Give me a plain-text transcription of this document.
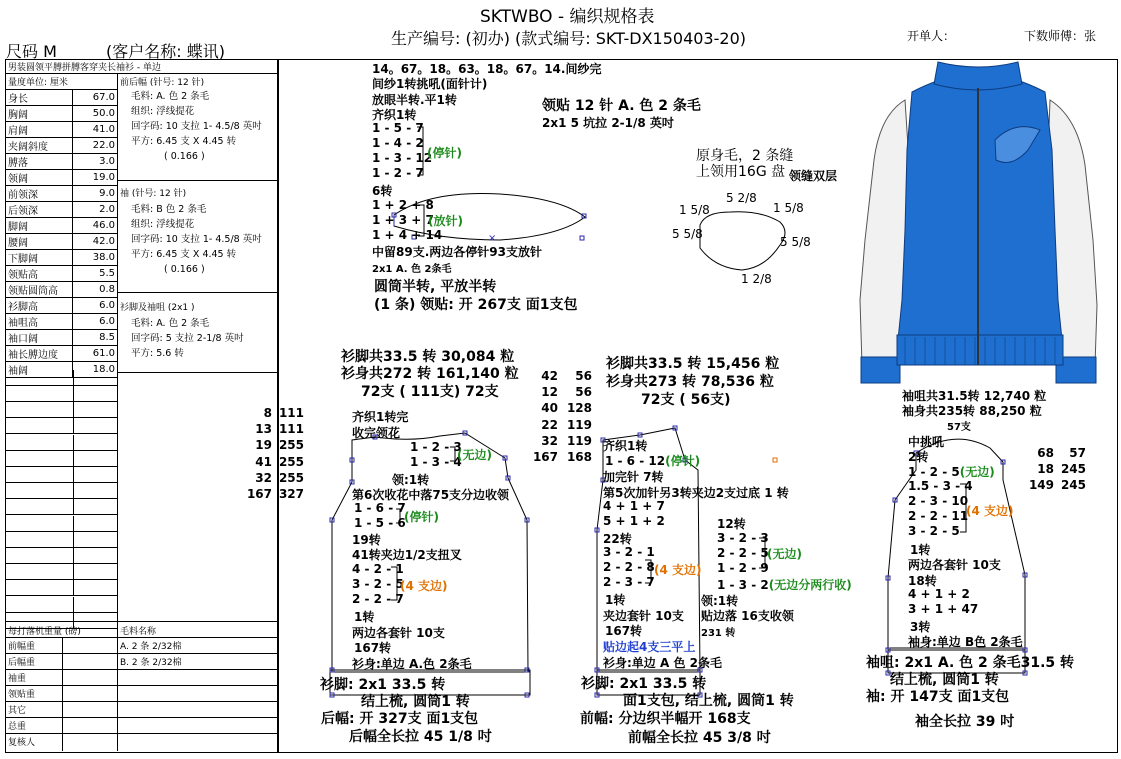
SKTWBO - 编织规格表
生产编号: (初办) (款式编号: SKT-DX150403-20)	开单人：	下数师傅：张
尺码 M	(客户名称: 蝶讯)
男装圆领平膊拼膊客穿夹长袖衫 - 单边
量度单位: 厘米
身长	67.0
胸阔	50.0
肩阔	41.0
夹阔斜度	22.0
膊落	3.0
领阔	19.0
前领深	9.0
后领深	2.0
脚阔	46.0
腰阔	42.0
下脚阔	38.0
领贴高	5.5
领贴圆筒高	0.8
衫脚高	6.0
袖咀高	6.0
袖口阔	8.5
袖长膊边度	61.0
袖阔	18.0
前后幅 (针号: 12 针)
毛料: A. 色 2 条毛
组织: 浮线提花
回字码: 10 支拉 1- 4.5/8 英吋
平方: 6.45 支 X 4.45 转
( 0.166 )
袖 (针号: 12 针)
毛料: B 色 2 条毛
组织: 浮线提花
回字码: 10 支拉 1- 4.5/8 英吋
平方: 6.45 支 X 4.45 转
( 0.166 )
衫脚及袖咀 (2x1 )
毛料: A. 色 2 条毛
回字码: 5 支拉 2-1/8 英吋
平方: 5.6 转
8 111
13 111
19 255
41 255
32 255
167 327
每打落机重量 (磅)	毛料名称
前幅重	A. 2 条 2/32棉
后幅重	B. 2 条 2/32棉
袖重
领贴重
其它
总重
复核人
×
14。67。18。63。18。67。14.间纱完
间纱1转挑吼(面针计)
放眼半转.平1转
齐织1转
1 - 5 - 7
1 - 4 - 2
1 - 3 - 12
1 - 2 - 7
(停针)
6转
1 + 2 + 8
1 + 3 + 7
1 + 4 + 14
(放针)
中留89支.两边各停针93支放针
2x1 A. 色 2条毛
圆筒半转, 平放半转
(1 条) 领贴: 开 267支 面1支包
领贴 12 针 A. 色 2 条毛
2x1 5 坑拉 2-1/8 英吋
原身毛，2 条缝
上领用16G 盘 领缝双层
5 2/8
1 5/8	1 5/8
5 5/8
5 5/8
1 2/8
衫脚共33.5 转 30,084 粒
衫身共272 转 161,140 粒
72支 ( 111支) 72支
齐织1转完
收完领花
1 - 2 - 3
1 - 3 - 4
(无边)
领:1转
第6次收花中落75支分边收领
1 - 6 - 7
1 - 5 - 6
(停针)
19转
41转夹边1/2支扭叉
4 - 2 - 1
3 - 2 - 5
2 - 2 - 7
(4 支边)
1转
两边各套针 10支
167转
衫身:单边 A.色 2条毛
衫脚: 2x1 33.5 转
结上梳, 圆筒1 转
后幅: 开 327支 面1支包
后幅全长拉 45 1/8 吋
42	56
12	56
40 128
22 119
32 119
167 168
衫脚共33.5 转 15,456 粒
衫身共273 转 78,536 粒
72支 ( 56支)
齐织1转
1 - 6 - 12(停针)
加完针 7转
第5次加针另3转夹边2支过底 1 转
4 + 1 + 7
5 + 1 + 2
22转
3 - 2 - 1
2 - 2 - 8
2 - 3 - 7
(4 支边)
1转
夹边套针 10支
167转
贴边起4支三平上
衫身:单边 A 色 2条毛
12转
3 - 2 - 3
2 - 2 - 5
1 - 2 - 9
(无边)
1 - 3 - 2(无边分两行收)
领:1转
贴边落 16支收领
231 转
衫脚: 2x1 33.5 转
面1支包, 结上梳, 圆筒1 转
前幅: 分边织半幅开 168支
前幅全长拉 45 3/8 吋
袖咀共31.5转 12,740 粒
袖身共235转 88,250 粒
57支
68	57
18 245
149 245
中挑吼
2转
1 - 2 - 5(无边)
1.5 - 3 - 4
2 - 3 - 10
2 - 2 - 11
3 - 2 - 5
(4 支边)
1转
两边各套针 10支
18转
4 + 1 + 2
3 + 1 + 47
3转
袖身:单边 B色 2条毛
袖咀: 2x1 A. 色 2 条毛31.5 转
结上梳, 圆筒1 转
袖: 开 147支 面1支包
袖全长拉 39 吋
